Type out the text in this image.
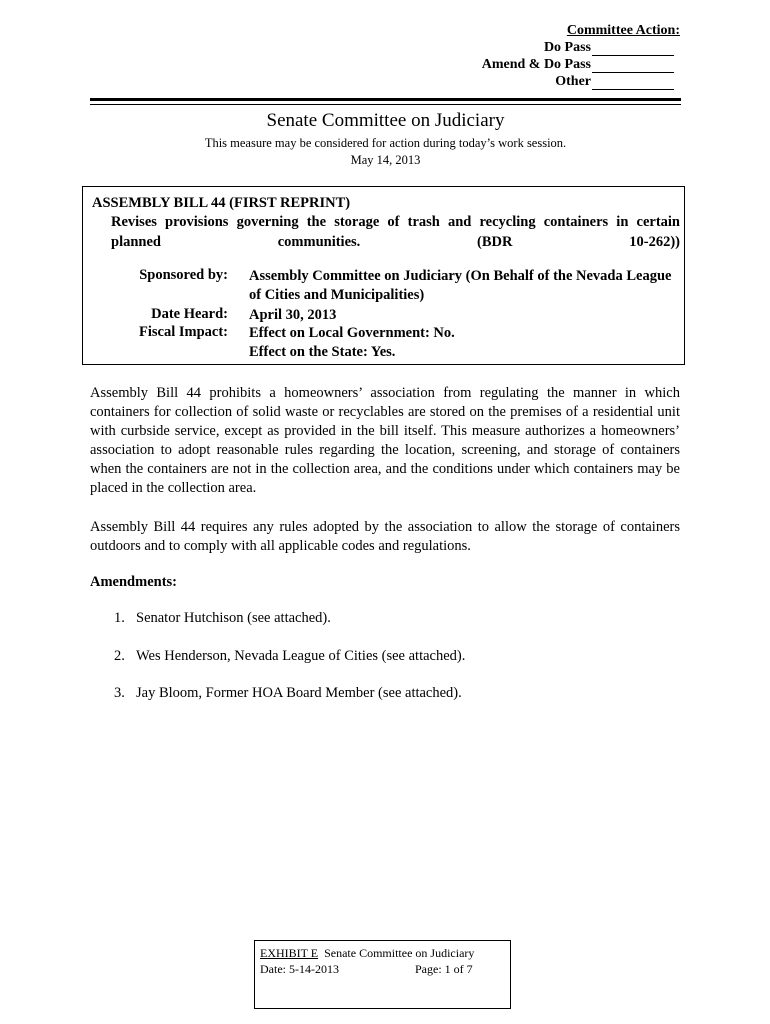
Committee Action:
Do Pass
Amend & Do Pass
Other
Senate Committee on Judiciary
This measure may be considered for action during today’s work session.
May 14, 2013
ASSEMBLY BILL 44 (FIRST REPRINT)
Revises provisions governing the storage of trash and recycling containers in certain planned communities. (BDR 10-262))
Sponsored by: Assembly Committee on Judiciary (On Behalf of the Nevada League of Cities and Municipalities)
Date Heard: April 30, 2013
Fiscal Impact: Effect on Local Government: No.
Effect on the State: Yes.
Assembly Bill 44 prohibits a homeowners’ association from regulating the manner in which containers for collection of solid waste or recyclables are stored on the premises of a residential unit with curbside service, except as provided in the bill itself. This measure authorizes a homeowners’ association to adopt reasonable rules regarding the location, screening, and storage of containers when the containers are not in the collection area, and the conditions under which containers may be placed in the collection area.
Assembly Bill 44 requires any rules adopted by the association to allow the storage of containers outdoors and to comply with all applicable codes and regulations.
Amendments:
1. Senator Hutchison (see attached).
2. Wes Henderson, Nevada League of Cities (see attached).
3. Jay Bloom, Former HOA Board Member (see attached).
EXHIBIT E Senate Committee on Judiciary
Date: 5-14-2013	Page: 1 of 7
